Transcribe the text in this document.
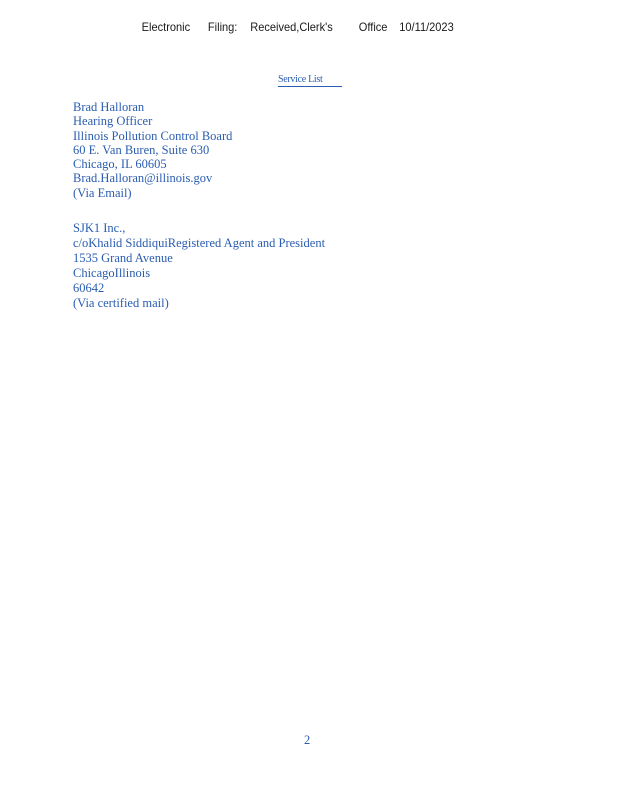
Electronic Filing: Received,Clerk's Office 10/11/2023
Service List
Brad Halloran
Hearing Officer
Illinois Pollution Control Board
60 E. Van Buren, Suite 630
Chicago, IL 60605
Brad.Halloran@illinois.gov
(Via Email)
SJK1 Inc.,
c/oKhalid SiddiquiRegistered Agent and President
1535 Grand Avenue
ChicagoIllinois
60642
(Via certified mail)
2
